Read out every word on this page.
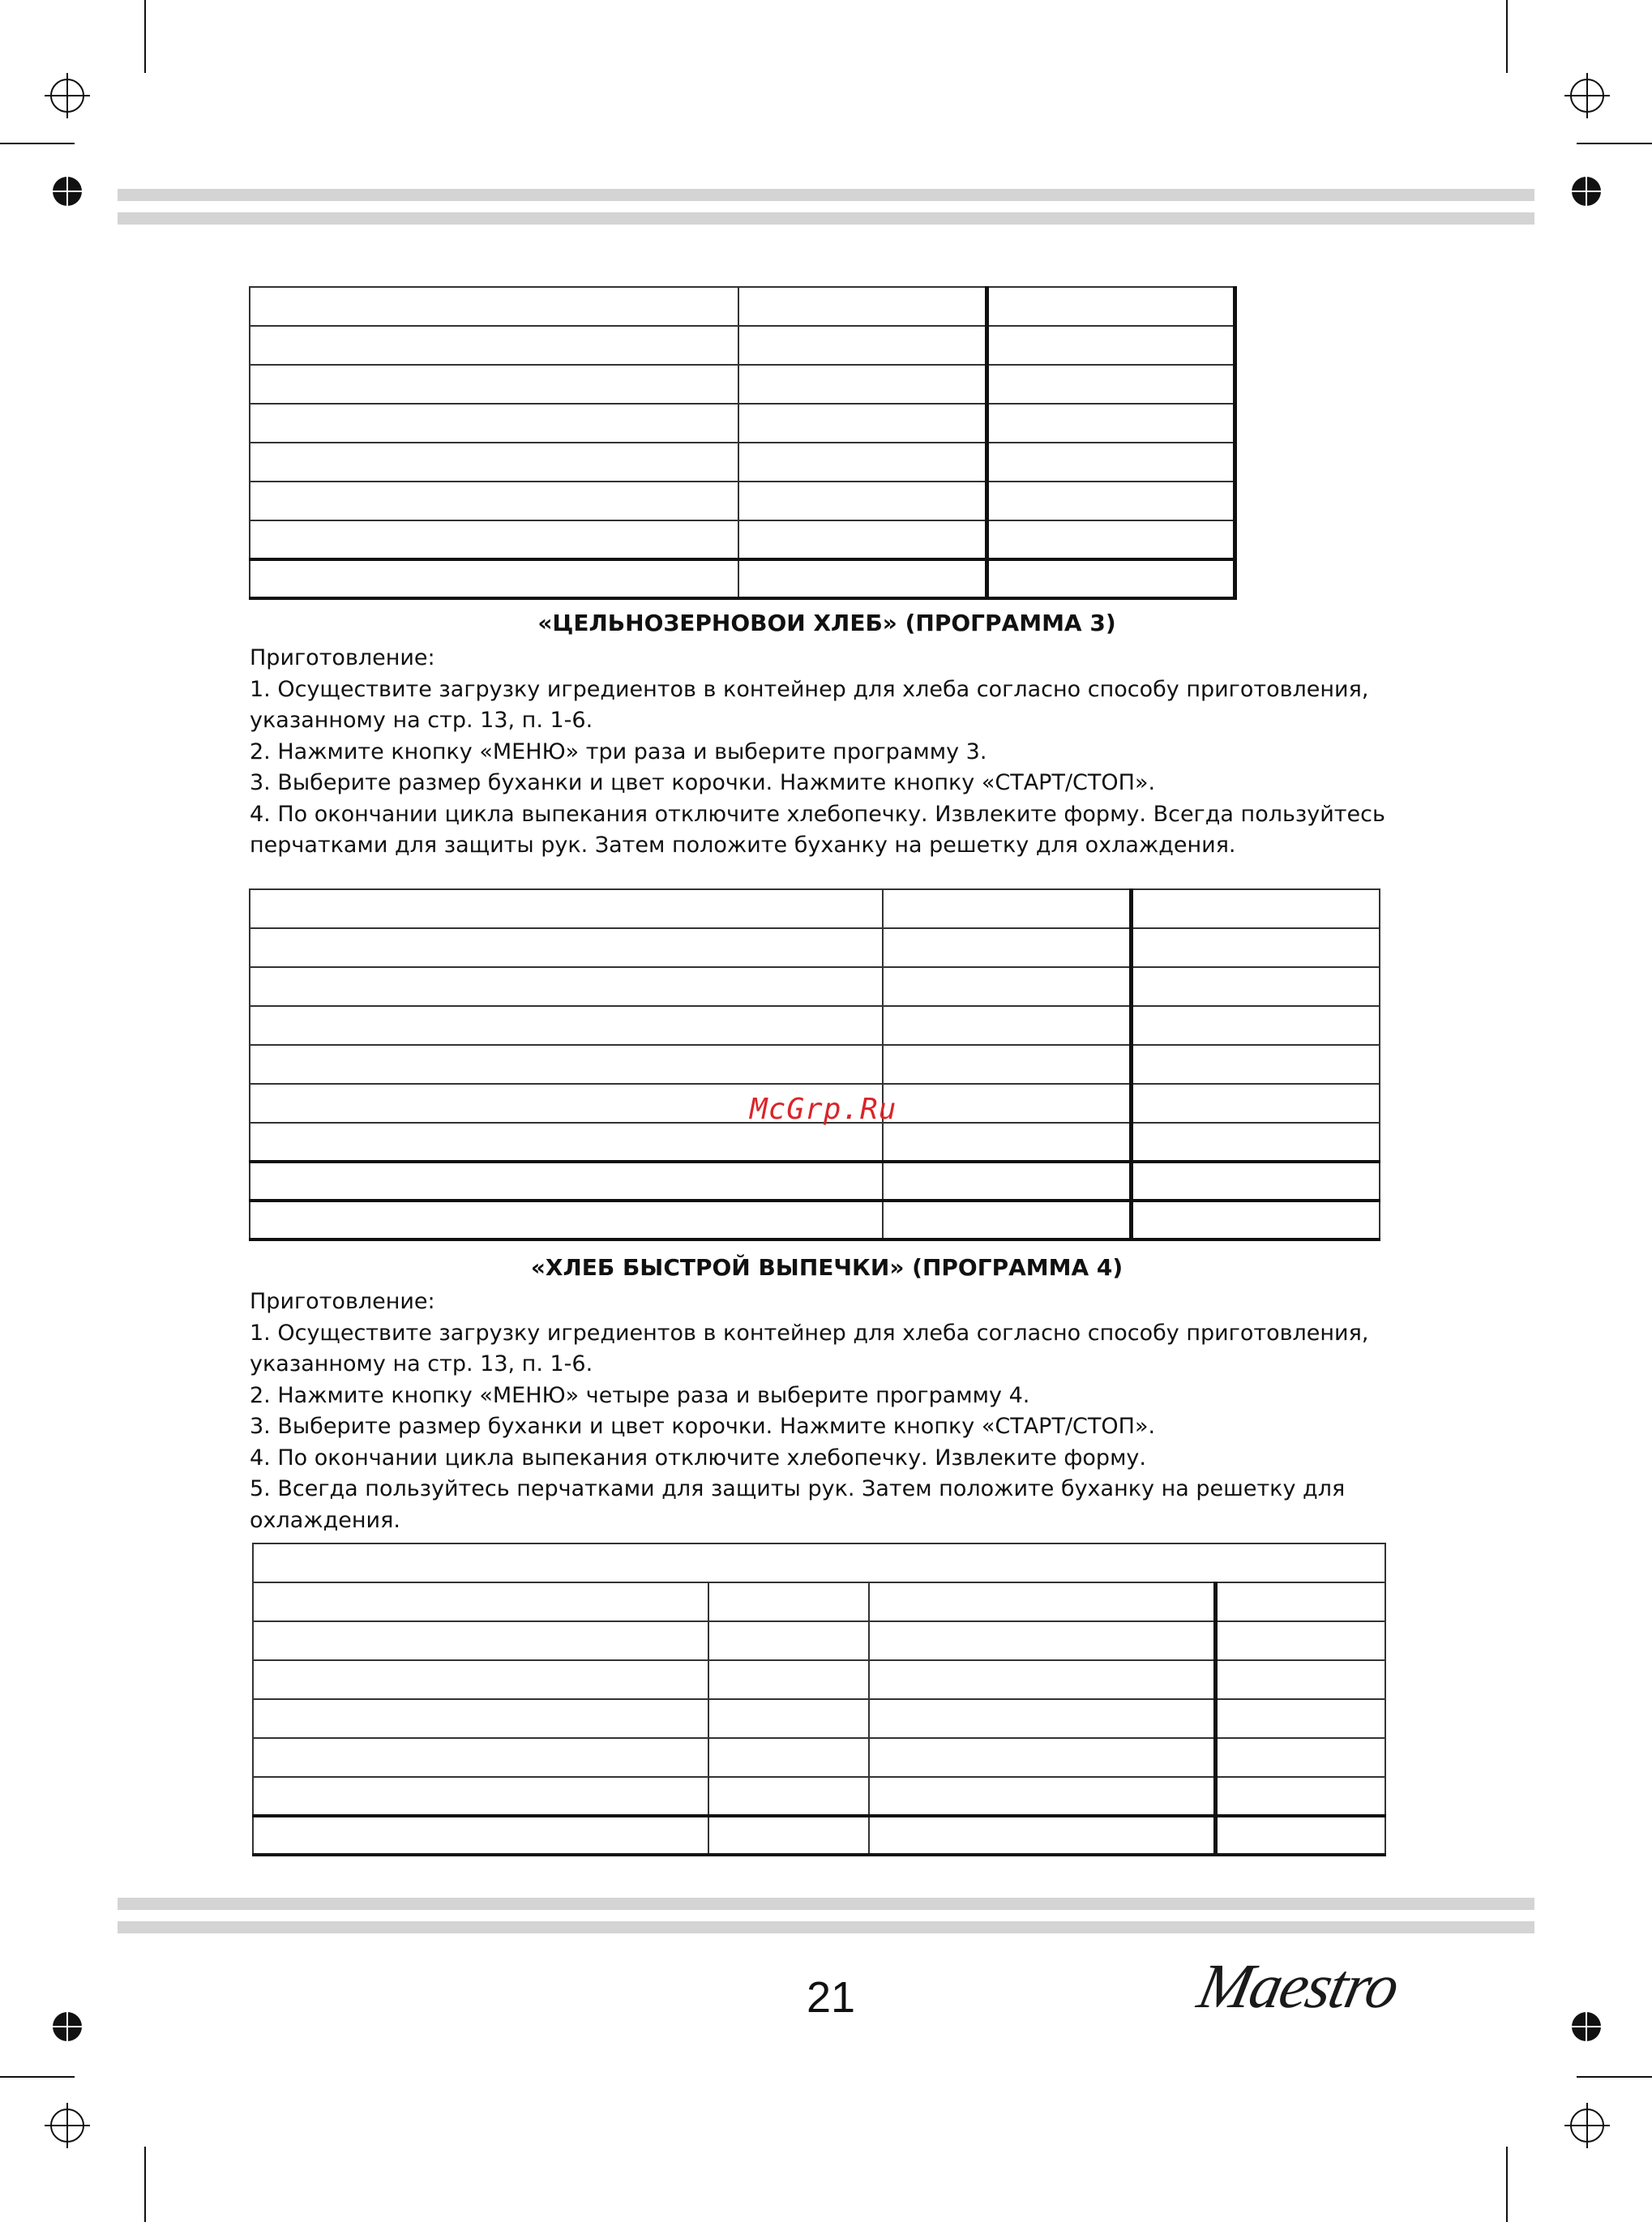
«ЦЕЛЬНОЗЕРНОВОИ ХЛЕБ» (ПРОГРАММА 3)
Приготовление:
1. Осуществите загрузку игредиентов в контейнер для хлеба согласно способу приготовления,
указанному на стр. 13, п. 1-6.
2. Нажмите кнопку «МЕНЮ» три раза и выберите программу 3.
3. Выберите размер буханки и цвет корочки. Нажмите кнопку «СТАРТ/СТОП».
4. По окончании цикла выпекания отключите хлебопечку. Извлеките форму. Всегда пользуйтесь
перчатками для защиты рук. Затем положите буханку на решетку для охлаждения.

McGrp.Ru
«ХЛЕБ БЫСТРОЙ ВЫПЕЧКИ» (ПРОГРАММА 4)
Приготовление:
1. Осуществите загрузку игредиентов в контейнер для хлеба согласно способу приготовления,
указанному на стр. 13, п. 1-6.
2. Нажмите кнопку «МЕНЮ» четыре раза и выберите программу 4.
3. Выберите размер буханки и цвет корочки. Нажмите кнопку «СТАРТ/СТОП».
4. По окончании цикла выпекания отключите хлебопечку. Извлеките форму.
5. Всегда пользуйтесь перчатками для защиты рук. Затем положите буханку на решетку для
охлаждения.

21	Maestro
